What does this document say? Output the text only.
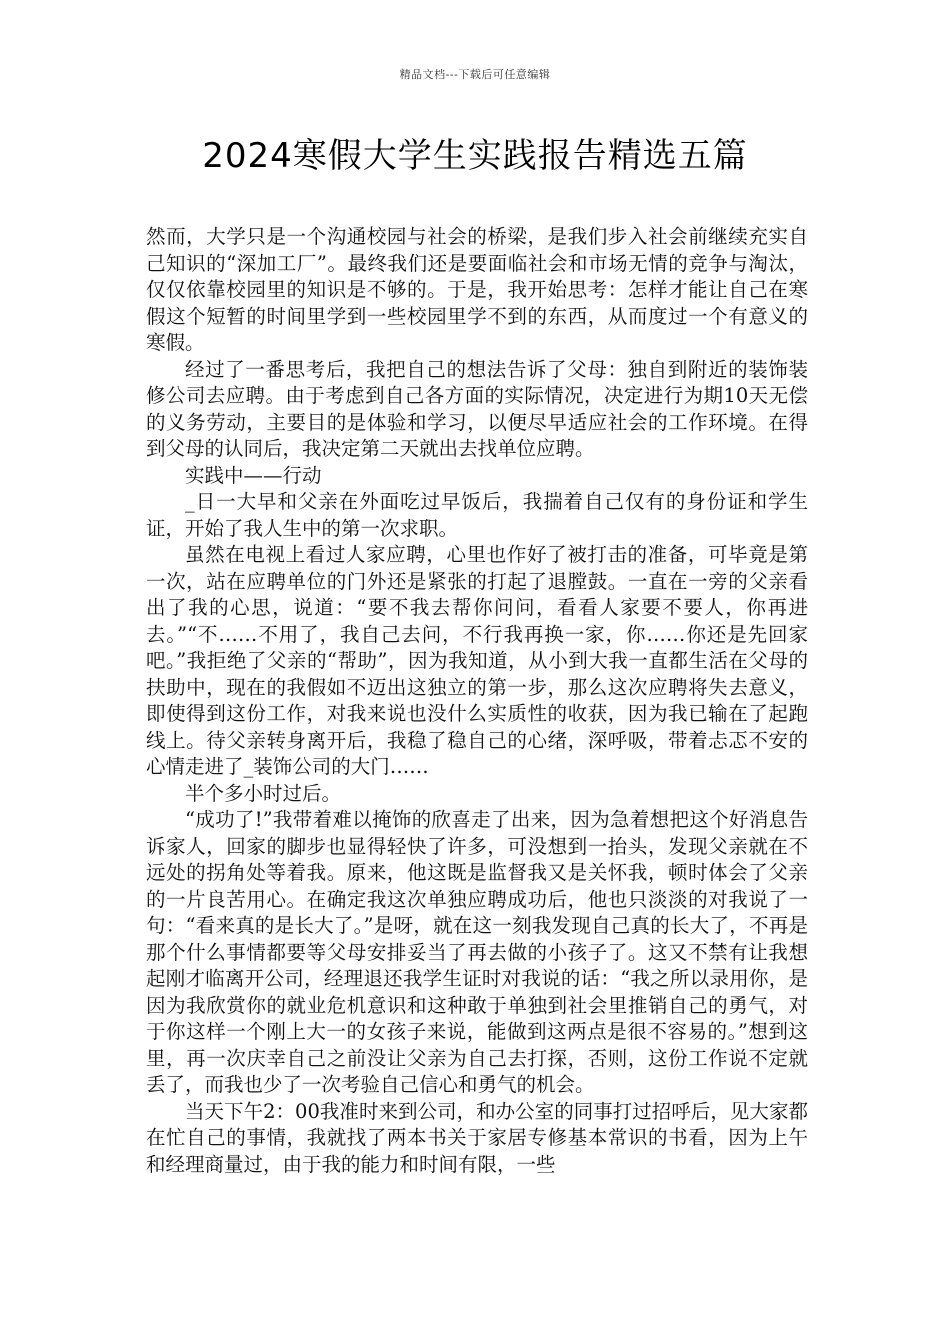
精品文档---下载后可任意编辑
2024寒假大学生实践报告精选五篇

然而，大学只是一个沟通校园与社会的桥梁，是我们步入社会前继续充实自己知识的“深加工厂”。最终我们还是要面临社会和市场无情的竞争与淘汰，仅仅依靠校园里的知识是不够的。于是，我开始思考：怎样才能让自己在寒假这个短暂的时间里学到一些校园里学不到的东西，从而度过一个有意义的寒假。

经过了一番思考后，我把自己的想法告诉了父母：独自到附近的装饰装修公司去应聘。由于考虑到自己各方面的实际情况，决定进行为期10天无偿的义务劳动，主要目的是体验和学习，以便尽早适应社会的工作环境。在得到父母的认同后，我决定第二天就出去找单位应聘。

实践中——行动

_日一大早和父亲在外面吃过早饭后，我揣着自己仅有的身份证和学生证，开始了我人生中的第一次求职。

虽然在电视上看过人家应聘，心里也作好了被打击的准备，可毕竟是第一次，站在应聘单位的门外还是紧张的打起了退膛鼓。一直在一旁的父亲看出了我的心思，说道：“要不我去帮你问问，看看人家要不要人，你再进去。”“不……不用了，我自己去问，不行我再换一家，你……你还是先回家吧。”我拒绝了父亲的“帮助”，因为我知道，从小到大我一直都生活在父母的扶助中，现在的我假如不迈出这独立的第一步，那么这次应聘将失去意义，即使得到这份工作，对我来说也没什么实质性的收获，因为我已输在了起跑线上。待父亲转身离开后，我稳了稳自己的心绪，深呼吸，带着忐忑不安的心情走进了_装饰公司的大门……

半个多小时过后。

“成功了!”我带着难以掩饰的欣喜走了出来，因为急着想把这个好消息告诉家人，回家的脚步也显得轻快了许多，可没想到一抬头，发现父亲就在不远处的拐角处等着我。原来，他这既是监督我又是关怀我，顿时体会了父亲的一片良苦用心。在确定我这次单独应聘成功后，他也只淡淡的对我说了一句：“看来真的是长大了。”是呀，就在这一刻我发现自己真的长大了，不再是那个什么事情都要等父母安排妥当了再去做的小孩子了。这又不禁有让我想起刚才临离开公司，经理退还我学生证时对我说的话：“我之所以录用你，是因为我欣赏你的就业危机意识和这种敢于单独到社会里推销自己的勇气，对于你这样一个刚上大一的女孩子来说，能做到这两点是很不容易的。”想到这里，再一次庆幸自己之前没让父亲为自己去打探，否则，这份工作说不定就丢了，而我也少了一次考验自己信心和勇气的机会。

当天下午2：00我准时来到公司，和办公室的同事打过招呼后，见大家都在忙自己的事情，我就找了两本书关于家居专修基本常识的书看，因为上午和经理商量过，由于我的能力和时间有限，一些
